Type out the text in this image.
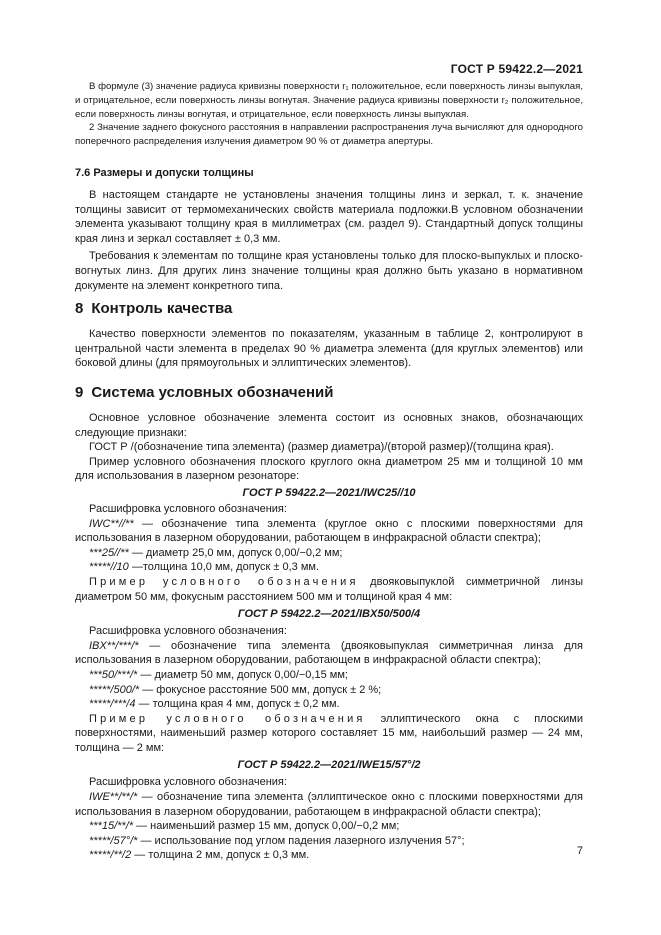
ГОСТ Р 59422.2—2021

В формуле (3) значение радиуса кривизны поверхности r₁ положительное, если поверхность линзы выпуклая, и отрицательное, если поверхность линзы вогнутая. Значение радиуса кривизны поверхности r₂ положительное, если поверхность линзы вогнутая, и отрицательное, если поверхность линзы выпуклая.

2 Значение заднего фокусного расстояния в направлении распространения луча вычисляют для однородного поперечного распределения излучения диаметром 90 % от диаметра апертуры.

7.6 Размеры и допуски толщины

В настоящем стандарте не установлены значения толщины линз и зеркал, т. к. значение толщины зависит от термомеханических свойств материала подложки.В условном обозначении элемента указывают толщину края в миллиметрах (см. раздел 9). Стандартный допуск толщины края линз и зеркал составляет ± 0,3 мм.

Требования к элементам по толщине края установлены только для плоско-выпуклых и плоско-вогнутых линз. Для других линз значение толщины края должно быть указано в нормативном документе на элемент конкретного типа.

8 Контроль качества

Качество поверхности элементов по показателям, указанным в таблице 2, контролируют в центральной части элемента в пределах 90 % диаметра элемента (для круглых элементов) или боковой длины (для прямоугольных и эллиптических элементов).

9 Система условных обозначений

Основное условное обозначение элемента состоит из основных знаков, обозначающих следующие признаки:

ГОСТ Р /(обозначение типа элемента) (размер диаметра)/(второй размер)/(толщина края).

Пример условного обозначения плоского круглого окна диаметром 25 мм и толщиной 10 мм для использования в лазерном резонаторе:

ГОСТ Р 59422.2—2021/IWC25//10

Расшифровка условного обозначения:

IWC**//** — обозначение типа элемента (круглое окно с плоскими поверхностями для использования в лазерном оборудовании, работающем в инфракрасной области спектра);

***25//** — диаметр 25,0 мм, допуск 0,00/−0,2 мм;

*****//10 —толщина 10,0 мм, допуск ± 0,3 мм.

Пример условного обозначения двояковыпуклой симметричной линзы диаметром 50 мм, фокусным расстоянием 500 мм и толщиной края 4 мм:

ГОСТ Р 59422.2—2021/IBX50/500/4

Расшифровка условного обозначения:

IBX**/***/* — обозначение типа элемента (двояковыпуклая симметричная линза для использования в лазерном оборудовании, работающем в инфракрасной области спектра);

***50/***/* — диаметр 50 мм, допуск 0,00/−0,15 мм;

*****/500/* — фокусное расстояние 500 мм, допуск ± 2 %;

*****/***/4 — толщина края 4 мм, допуск ± 0,2 мм.

Пример условного обозначения эллиптического окна с плоскими поверхностями, наименьший размер которого составляет 15 мм, наибольший размер — 24 мм, толщина — 2 мм:

ГОСТ Р 59422.2—2021/IWE15/57°/2

Расшифровка условного обозначения:

IWE**/**/* — обозначение типа элемента (эллиптическое окно с плоскими поверхностями для использования в лазерном оборудовании, работающем в инфракрасной области спектра);

***15/**/* — наименьший размер 15 мм, допуск 0,00/−0,2 мм;

*****/57°/* — использование под углом падения лазерного излучения 57°;

*****/**/2 — толщина 2 мм, допуск ± 0,3 мм.	7
